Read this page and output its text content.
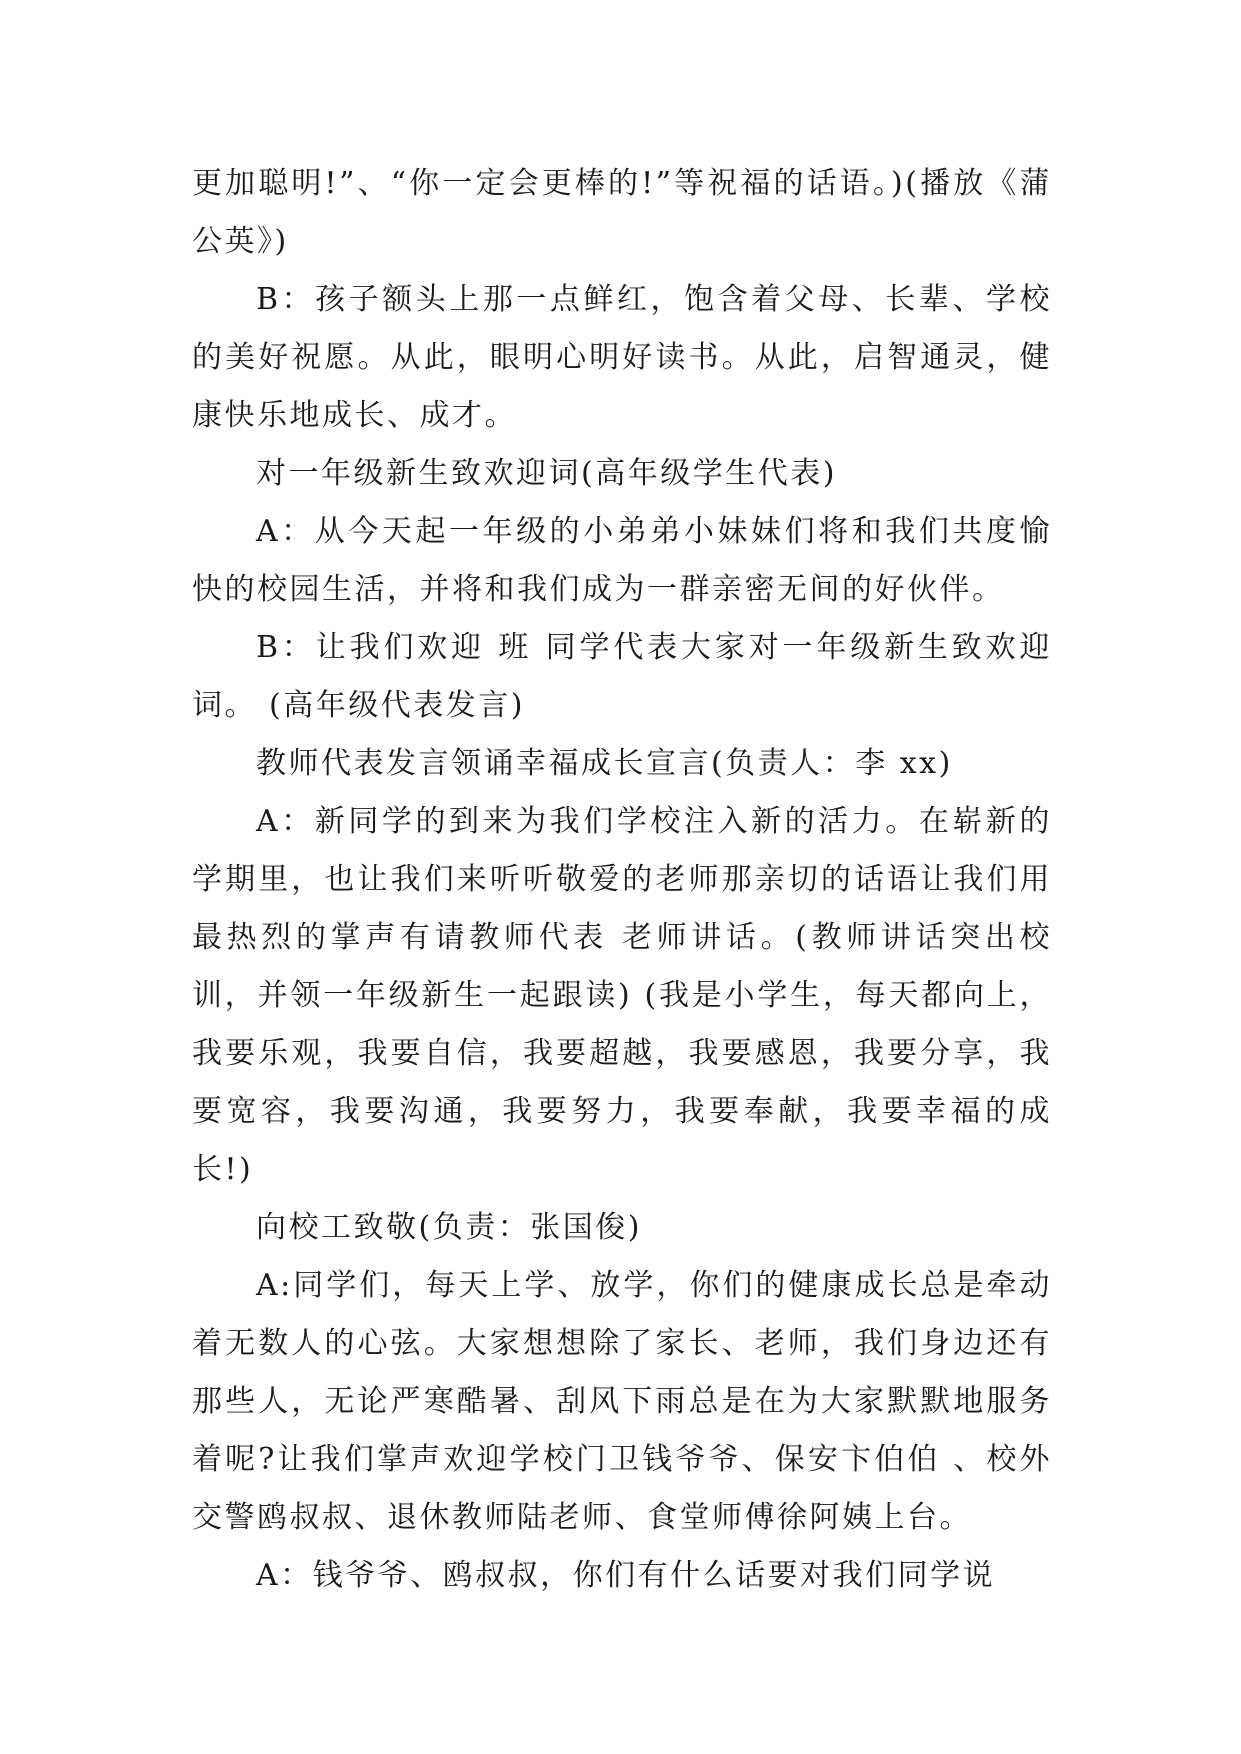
更加聪明!”、“你一定会更棒的!”等祝福的话语。)(播放《蒲公英》)

B：孩子额头上那一点鲜红，饱含着父母、长辈、学校的美好祝愿。从此，眼明心明好读书。从此，启智通灵，健康快乐地成长、成才。

对一年级新生致欢迎词(高年级学生代表)

A：从今天起一年级的小弟弟小妹妹们将和我们共度愉快的校园生活，并将和我们成为一群亲密无间的好伙伴。

B：让我们欢迎 班 同学代表大家对一年级新生致欢迎词。 (高年级代表发言)

教师代表发言领诵幸福成长宣言(负责人：李 xx)

A：新同学的到来为我们学校注入新的活力。在崭新的学期里，也让我们来听听敬爱的老师那亲切的话语让我们用最热烈的掌声有请教师代表 老师讲话。(教师讲话突出校训，并领一年级新生一起跟读) (我是小学生，每天都向上，我要乐观，我要自信，我要超越，我要感恩，我要分享，我要宽容，我要沟通，我要努力，我要奉献，我要幸福的成长!)

向校工致敬(负责：张国俊)

A:同学们，每天上学、放学，你们的健康成长总是牵动着无数人的心弦。大家想想除了家长、老师，我们身边还有那些人，无论严寒酷暑、刮风下雨总是在为大家默默地服务着呢?让我们掌声欢迎学校门卫钱爷爷、保安卞伯伯 、校外交警鸥叔叔、退休教师陆老师、食堂师傅徐阿姨上台。

A：钱爷爷、鸥叔叔，你们有什么话要对我们同学说
